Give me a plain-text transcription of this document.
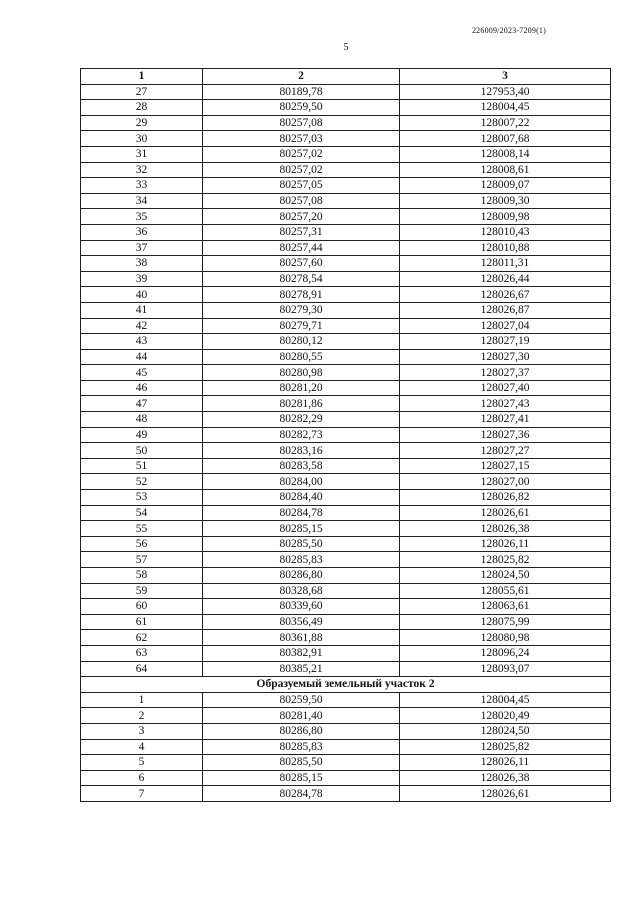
226009/2023-7209(1)
5
1	2	3
27	80189,78	127953,40
28	80259,50	128004,45
29	80257,08	128007,22
30	80257,03	128007,68
31	80257,02	128008,14
32	80257,02	128008,61
33	80257,05	128009,07
34	80257,08	128009,30
35	80257,20	128009,98
36	80257,31	128010,43
37	80257,44	128010,88
38	80257,60	128011,31
39	80278,54	128026,44
40	80278,91	128026,67
41	80279,30	128026,87
42	80279,71	128027,04
43	80280,12	128027,19
44	80280,55	128027,30
45	80280,98	128027,37
46	80281,20	128027,40
47	80281,86	128027,43
48	80282,29	128027,41
49	80282,73	128027,36
50	80283,16	128027,27
51	80283,58	128027,15
52	80284,00	128027,00
53	80284,40	128026,82
54	80284,78	128026,61
55	80285,15	128026,38
56	80285,50	128026,11
57	80285,83	128025,82
58	80286,80	128024,50
59	80328,68	128055,61
60	80339,60	128063,61
61	80356,49	128075,99
62	80361,88	128080,98
63	80382,91	128096,24
64	80385,21	128093,07
Образуемый земельный участок 2		
1	80259,50	128004,45
2	80281,40	128020,49
3	80286,80	128024,50
4	80285,83	128025,82
5	80285,50	128026,11
6	80285,15	128026,38
7	80284,78	128026,61
